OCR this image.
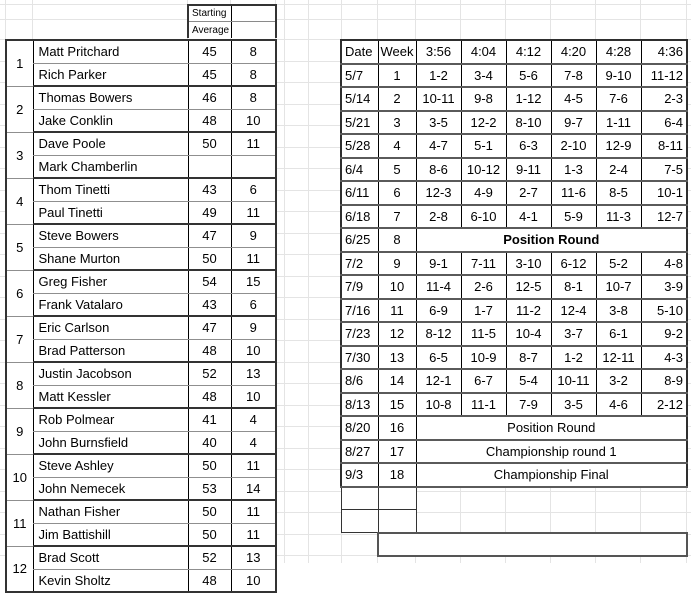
Starting	
Average	
1	Matt Pritchard	45	8
	Rich Parker	45	8
2	Thomas Bowers	46	8
	Jake Conklin	48	10
3	Dave Poole	50	11
	Mark Chamberlin		
4	Thom Tinetti	43	6
	Paul Tinetti	49	11
5	Steve Bowers	47	9
	Shane Murton	50	11
6	Greg Fisher	54	15
	Frank Vatalaro	43	6
7	Eric Carlson	47	9
	Brad Patterson	48	10
8	Justin Jacobson	52	13
	Matt Kessler	48	10
9	Rob Polmear	41	4
	John Burnsfield	40	4
10	Steve Ashley	50	11
	John Nemecek	53	14
11	Nathan Fisher	50	11
	Jim Battishill	50	11
12	Brad Scott	52	13
	Kevin Sholtz	48	10
Date	Week	3:56	4:04	4:12	4:20	4:28	4:36
5/7	1	1-2	3-4	5-6	7-8	9-10	11-12
5/14	2	10-11	9-8	1-12	4-5	7-6	2-3
5/21	3	3-5	12-2	8-10	9-7	1-11	6-4
5/28	4	4-7	5-1	6-3	2-10	12-9	8-11
6/4	5	8-6	10-12	9-11	1-3	2-4	7-5
6/11	6	12-3	4-9	2-7	11-6	8-5	10-1
6/18	7	2-8	6-10	4-1	5-9	11-3	12-7
6/25	8	Position Round					
7/2	9	9-1	7-11	3-10	6-12	5-2	4-8
7/9	10	11-4	2-6	12-5	8-1	10-7	3-9
7/16	11	6-9	1-7	11-2	12-4	3-8	5-10
7/23	12	8-12	11-5	10-4	3-7	6-1	9-2
7/30	13	6-5	10-9	8-7	1-2	12-11	4-3
8/6	14	12-1	6-7	5-4	10-11	3-2	8-9
8/13	15	10-8	11-1	7-9	3-5	4-6	2-12
8/20	16	Position Round					
8/27	17	Championship round 1					
9/3	18	Championship Final					
